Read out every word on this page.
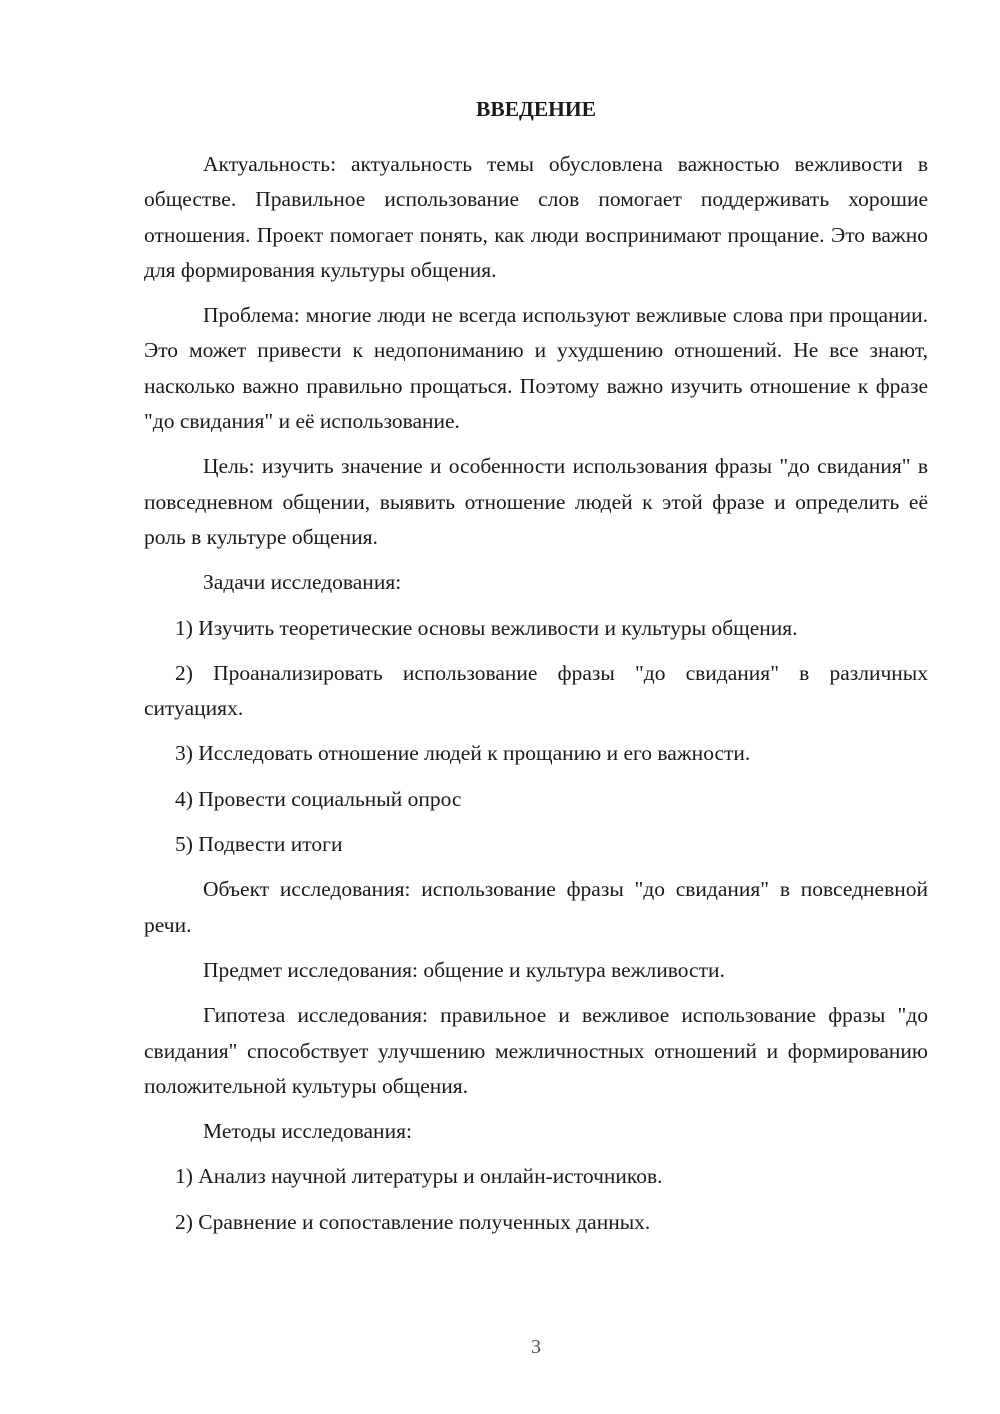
ВВЕДЕНИЕ
Актуальность: актуальность темы обусловлена важностью вежливости в обществе. Правильное использование слов помогает поддерживать хорошие отношения. Проект помогает понять, как люди воспринимают прощание. Это важно для формирования культуры общения.
Проблема: многие люди не всегда используют вежливые слова при прощании. Это может привести к недопониманию и ухудшению отношений. Не все знают, насколько важно правильно прощаться. Поэтому важно изучить отношение к фразе "до свидания" и её использование.
Цель: изучить значение и особенности использования фразы "до свидания" в повседневном общении, выявить отношение людей к этой фразе и определить её роль в культуре общения.
Задачи исследования:
1) Изучить теоретические основы вежливости и культуры общения.
2) Проанализировать использование фразы "до свидания" в различных ситуациях.
3) Исследовать отношение людей к прощанию и его важности.
4) Провести социальный опрос
5) Подвести итоги
Объект исследования: использование фразы "до свидания" в повседневной речи.
Предмет исследования: общение и культура вежливости.
Гипотеза исследования: правильное и вежливое использование фразы "до свидания" способствует улучшению межличностных отношений и формированию положительной культуры общения.
Методы исследования:
1) Анализ научной литературы и онлайн-источников.
2) Сравнение и сопоставление полученных данных.
3
